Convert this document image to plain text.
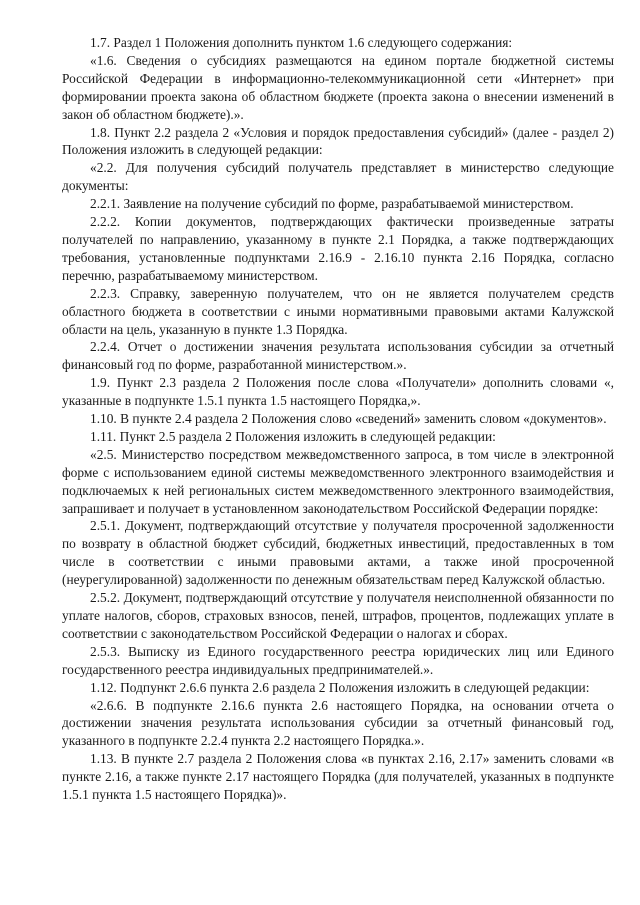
1.7. Раздел 1 Положения дополнить пунктом 1.6 следующего содержания:

«1.6. Сведения о субсидиях размещаются на едином портале бюджетной системы Российской Федерации в информационно-телекоммуникационной сети «Интернет» при формировании проекта закона об областном бюджете (проекта закона о внесении изменений в закон об областном бюджете).».

1.8. Пункт 2.2 раздела 2 «Условия и порядок предоставления субсидий» (далее - раздел 2) Положения изложить в следующей редакции:

«2.2. Для получения субсидий получатель представляет в министерство следующие документы:

2.2.1. Заявление на получение субсидий по форме, разрабатываемой министерством.

2.2.2. Копии документов, подтверждающих фактически произведенные затраты получателей по направлению, указанному в пункте 2.1 Порядка, а также подтверждающих требования, установленные подпунктами 2.16.9 - 2.16.10 пункта 2.16 Порядка, согласно перечню, разрабатываемому министерством.

2.2.3. Справку, заверенную получателем, что он не является получателем средств областного бюджета в соответствии с иными нормативными правовыми актами Калужской области на цель, указанную в пункте 1.3 Порядка.

2.2.4. Отчет о достижении значения результата использования субсидии за отчетный финансовый год по форме, разработанной министерством.».

1.9. Пункт 2.3 раздела 2 Положения после слова «Получатели» дополнить словами «, указанные в подпункте 1.5.1 пункта 1.5 настоящего Порядка,».

1.10. В пункте 2.4 раздела 2 Положения слово «сведений» заменить словом «документов».

1.11. Пункт 2.5 раздела 2 Положения изложить в следующей редакции:

«2.5. Министерство посредством межведомственного запроса, в том числе в электронной форме с использованием единой системы межведомственного электронного взаимодействия и подключаемых к ней региональных систем межведомственного электронного взаимодействия, запрашивает и получает в установленном законодательством Российской Федерации порядке:

2.5.1. Документ, подтверждающий отсутствие у получателя просроченной задолженности по возврату в областной бюджет субсидий, бюджетных инвестиций, предоставленных в том числе в соответствии с иными правовыми актами, а также иной просроченной (неурегулированной) задолженности по денежным обязательствам перед Калужской областью.

2.5.2. Документ, подтверждающий отсутствие у получателя неисполненной обязанности по уплате налогов, сборов, страховых взносов, пеней, штрафов, процентов, подлежащих уплате в соответствии с законодательством Российской Федерации о налогах и сборах.

2.5.3. Выписку из Единого государственного реестра юридических лиц или Единого государственного реестра индивидуальных предпринимателей.».

1.12. Подпункт 2.6.6 пункта 2.6 раздела 2 Положения изложить в следующей редакции:

«2.6.6. В подпункте 2.16.6 пункта 2.6 настоящего Порядка, на основании отчета о достижении значения результата использования субсидии за отчетный финансовый год, указанного в подпункте 2.2.4 пункта 2.2 настоящего Порядка.».

1.13. В пункте 2.7 раздела 2 Положения слова «в пунктах 2.16, 2.17» заменить словами «в пункте 2.16, а также пункте 2.17 настоящего Порядка (для получателей, указанных в подпункте 1.5.1 пункта 1.5 настоящего Порядка)».
